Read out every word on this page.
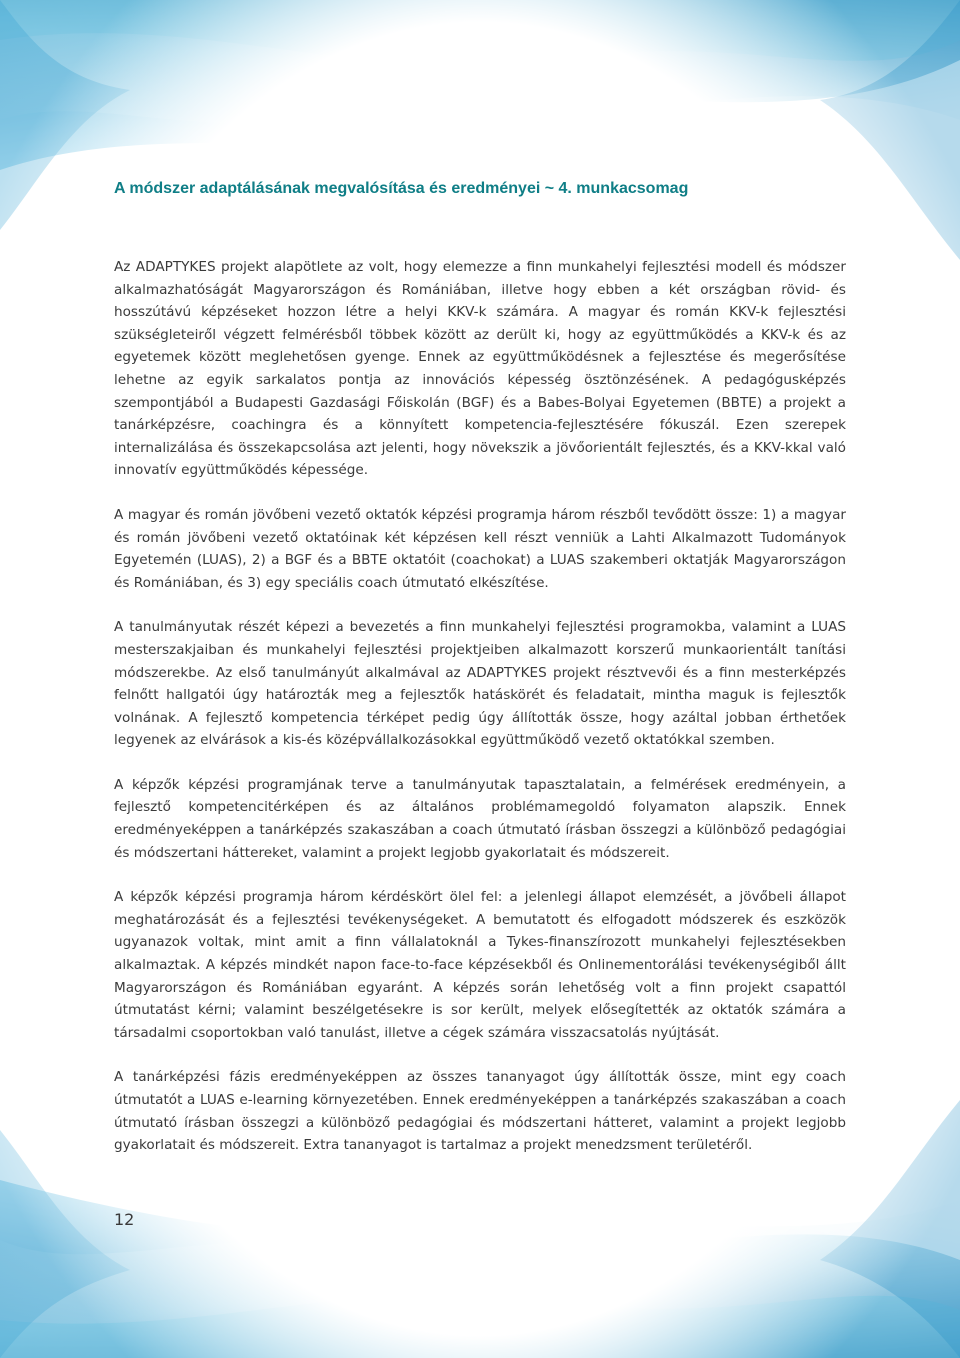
A módszer adaptálásának megvalósítása és eredményei ~ 4. munkacsomag

Az ADAPTYKES projekt alapötlete az volt, hogy elemezze a finn munkahelyi fejlesztési modell és módszer alkalmazhatóságát Magyarországon és Romániában, illetve hogy ebben a két országban rövid- és hosszútávú képzéseket hozzon létre a helyi KKV-k számára. A magyar és román KKV-k fejlesztési szükségleteiről végzett felmérésből többek között az derült ki, hogy az együttműködés a KKV-k és az egyetemek között meglehetősen gyenge. Ennek az együttműködésnek a fejlesztése és megerősítése lehetne az egyik sarkalatos pontja az innovációs képesség ösztönzésének. A pedagógusképzés szempontjából a Budapesti Gazdasági Főiskolán (BGF) és a Babes-Bolyai Egyetemen (BBTE) a projekt a tanárképzésre, coachingra és a könnyített kompetencia-fejlesztésére fókuszál. Ezen szerepek internalizálása és összekapcsolása azt jelenti, hogy növekszik a jövőorientált fejlesztés, és a KKV-kkal való innovatív együttműködés képessége.

A magyar és román jövőbeni vezető oktatók képzési programja három részből tevődött össze: 1) a magyar és román jövőbeni vezető oktatóinak két képzésen kell részt venniük a Lahti Alkalmazott Tudományok Egyetemén (LUAS), 2) a BGF és a BBTE oktatóit (coachokat) a LUAS szakemberi oktatják Magyarországon és Romániában, és 3) egy speciális coach útmutató elkészítése.

A tanulmányutak részét képezi a bevezetés a finn munkahelyi fejlesztési programokba, valamint a LUAS mesterszakjaiban és munkahelyi fejlesztési projektjeiben alkalmazott korszerű munkaorientált tanítási módszerekbe. Az első tanulmányút alkalmával az ADAPTYKES projekt résztvevői és a finn mesterképzés felnőtt hallgatói úgy határozták meg a fejlesztők hatáskörét és feladatait, mintha maguk is fejlesztők volnának. A fejlesztő kompetencia térképet pedig úgy állították össze, hogy azáltal jobban érthetőek legyenek az elvárások a kis-és középvállalkozásokkal együttműködő vezető oktatókkal szemben.

A képzők képzési programjának terve a tanulmányutak tapasztalatain, a felmérések eredményein, a fejlesztő kompetencitérképen és az általános problémamegoldó folyamaton alapszik. Ennek eredményeképpen a tanárképzés szakaszában a coach útmutató írásban összegzi a különböző pedagógiai és módszertani háttereket, valamint a projekt legjobb gyakorlatait és módszereit.

A képzők képzési programja három kérdéskört ölel fel: a jelenlegi állapot elemzését, a jövőbeli állapot meghatározását és a fejlesztési tevékenységeket. A bemutatott és elfogadott módszerek és eszközök ugyanazok voltak, mint amit a finn vállalatoknál a Tykes-finanszírozott munkahelyi fejlesztésekben alkalmaztak. A képzés mindkét napon face-to-face képzésekből és Onlinementorálási tevékenységiből állt Magyarországon és Romániában egyaránt. A képzés során lehetőség volt a finn projekt csapattól útmutatást kérni; valamint beszélgetésekre is sor került, melyek elősegítették az oktatók számára a társadalmi csoportokban való tanulást, illetve a cégek számára visszacsatolás nyújtását.

A tanárképzési fázis eredményeképpen az összes tananyagot úgy állították össze, mint egy coach útmutatót a LUAS e-learning környezetében. Ennek eredményeképpen a tanárképzés szakaszában a coach útmutató írásban összegzi a különböző pedagógiai és módszertani hátteret, valamint a projekt legjobb gyakorlatait és módszereit. Extra tananyagot is tartalmaz a projekt menedzsment területéről.

12
